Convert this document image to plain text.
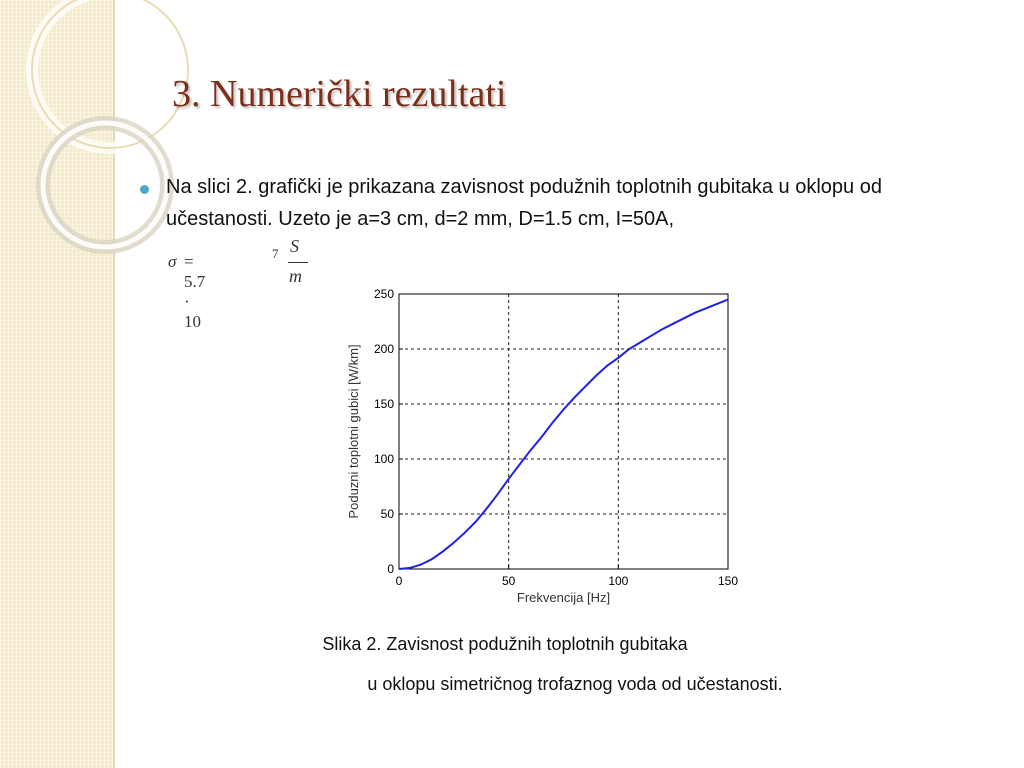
3. Numerički rezultati
Na slici 2. grafički je prikazana zavisnost podužnih toplotnih gubitaka u oklopu od učestanosti. Uzeto je a=3 cm, d=2 mm, D=1.5 cm, I=50A,
σ = 5.7 · 10
7 S
m
0	50	100	150
0
50
100
150
200
250
Frekvencija [Hz]
Poduzni toplotni gubici [W/km]
Slika 2. Zavisnost podužnih toplotnih gubitaka
u oklopu simetričnog trofaznog voda od učestanosti.
